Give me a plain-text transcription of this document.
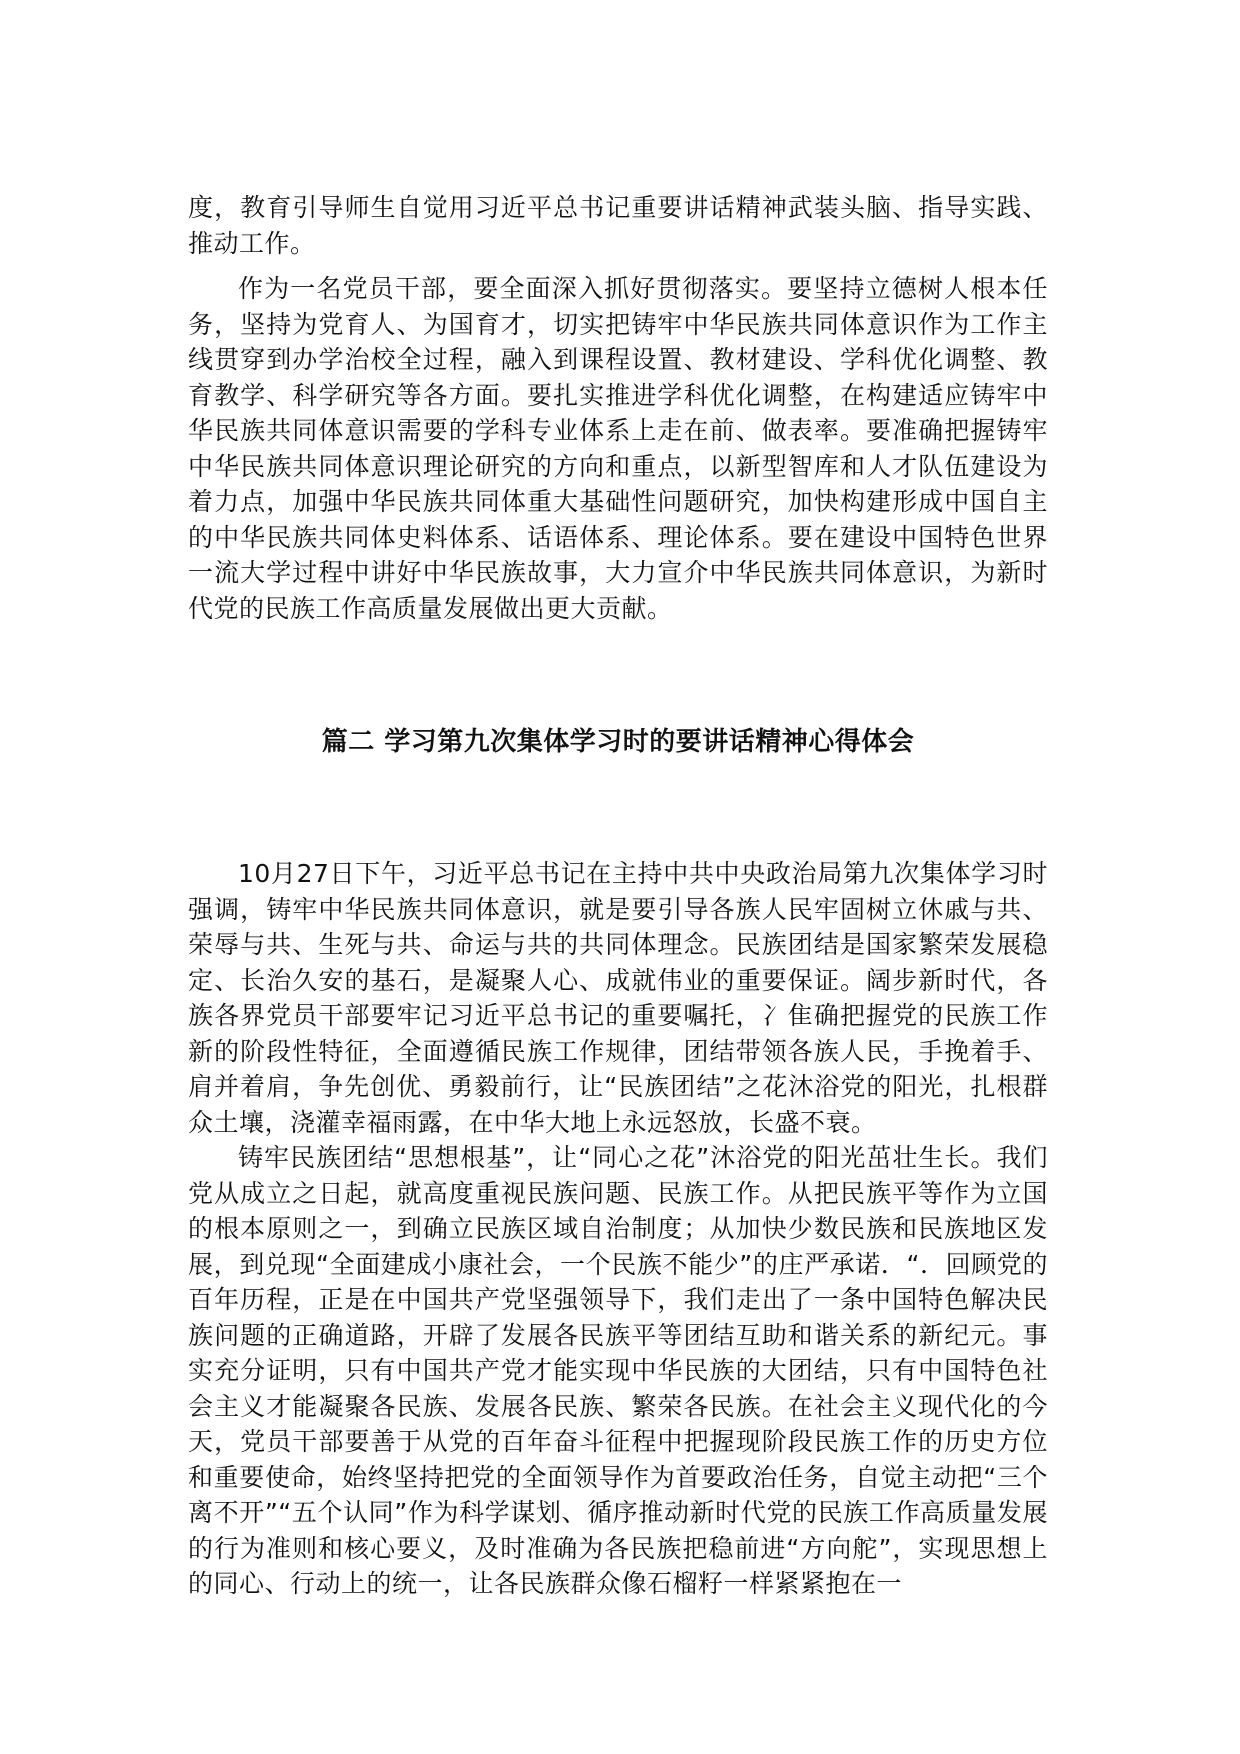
度，教育引导师生自觉用习近平总书记重要讲话精神武装头脑、指导实践、推动工作。

作为一名党员干部，要全面深入抓好贯彻落实。要坚持立德树人根本任务，坚持为党育人、为国育才，切实把铸牢中华民族共同体意识作为工作主线贯穿到办学治校全过程，融入到课程设置、教材建设、学科优化调整、教育教学、科学研究等各方面。要扎实推进学科优化调整，在构建适应铸牢中华民族共同体意识需要的学科专业体系上走在前、做表率。要准确把握铸牢中华民族共同体意识理论研究的方向和重点，以新型智库和人才队伍建设为着力点，加强中华民族共同体重大基础性问题研究，加快构建形成中国自主的中华民族共同体史料体系、话语体系、理论体系。要在建设中国特色世界一流大学过程中讲好中华民族故事，大力宣介中华民族共同体意识，为新时代党的民族工作高质量发展做出更大贡献。

篇二 学习第九次集体学习时的要讲话精神心得体会

10月27日下午，习近平总书记在主持中共中央政治局第九次集体学习时强调，铸牢中华民族共同体意识，就是要引导各族人民牢固树立休戚与共、荣辱与共、生死与共、命运与共的共同体理念。民族团结是国家繁荣发展稳定、长治久安的基石，是凝聚人心、成就伟业的重要保证。阔步新时代，各族各界党员干部要牢记习近平总书记的重要嘱托，冫隹确把握党的民族工作新的阶段性特征，全面遵循民族工作规律，团结带领各族人民，手挽着手、肩并着肩，争先创优、勇毅前行，让“民族团结”之花沐浴党的阳光，扎根群众土壤，浇灌幸福雨露，在中华大地上永远怒放，长盛不衰。

铸牢民族团结“思想根基”，让“同心之花”沐浴党的阳光茁壮生长。我们党从成立之日起，就高度重视民族问题、民族工作。从把民族平等作为立国的根本原则之一，到确立民族区域自治制度；从加快少数民族和民族地区发展，到兑现“全面建成小康社会，一个民族不能少”的庄严承诺．“．回顾党的百年历程，正是在中国共产党坚强领导下，我们走出了一条中国特色解决民族问题的正确道路，开辟了发展各民族平等团结互助和谐关系的新纪元。事实充分证明，只有中国共产党才能实现中华民族的大团结，只有中国特色社会主义才能凝聚各民族、发展各民族、繁荣各民族。在社会主义现代化的今天，党员干部要善于从党的百年奋斗征程中把握现阶段民族工作的历史方位和重要使命，始终坚持把党的全面领导作为首要政治任务，自觉主动把“三个离不开”“五个认同”作为科学谋划、循序推动新时代党的民族工作高质量发展的行为准则和核心要义，及时准确为各民族把稳前进“方向舵”，实现思想上的同心、行动上的统一，让各民族群众像石榴籽一样紧紧抱在一
